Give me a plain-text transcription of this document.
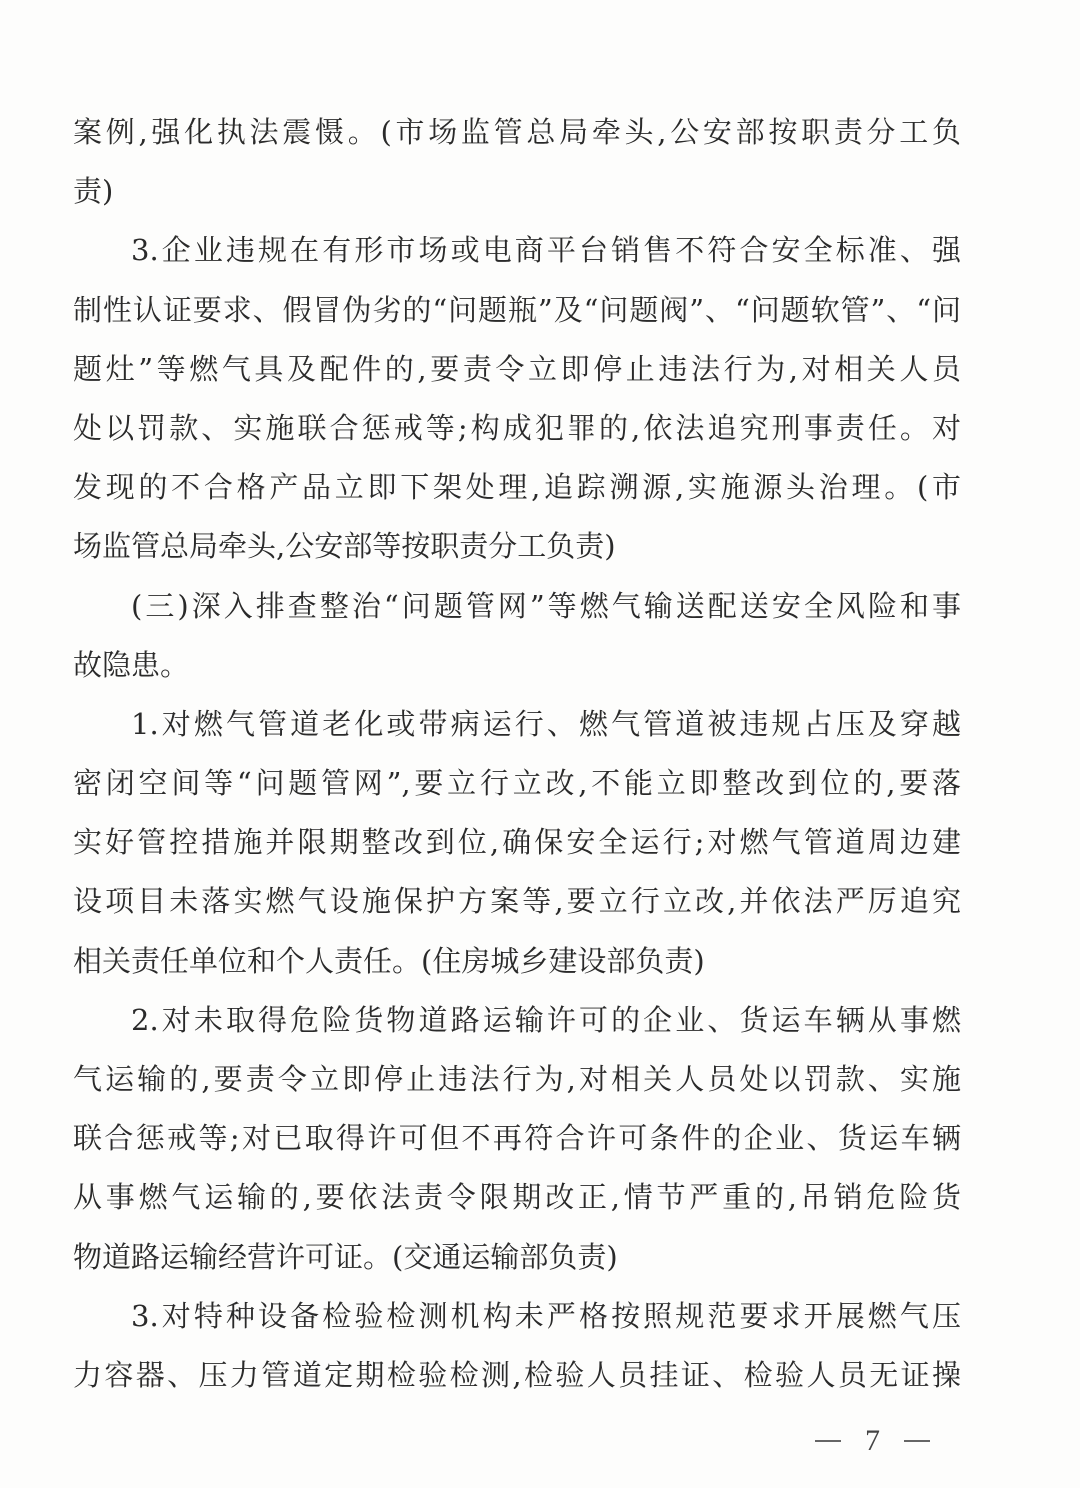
案例,强化执法震慑。(市场监管总局牵头,公安部按职责分工负
责)
3.企业违规在有形市场或电商平台销售不符合安全标准、强
制性认证要求、假冒伪劣的“问题瓶”及“问题阀”、“问题软管”、“问
题灶”等燃气具及配件的,要责令立即停止违法行为,对相关人员
处以罚款、实施联合惩戒等;构成犯罪的,依法追究刑事责任。对
发现的不合格产品立即下架处理,追踪溯源,实施源头治理。(市
场监管总局牵头,公安部等按职责分工负责)
(三)深入排查整治“问题管网”等燃气输送配送安全风险和事
故隐患。
1.对燃气管道老化或带病运行、燃气管道被违规占压及穿越
密闭空间等“问题管网”,要立行立改,不能立即整改到位的,要落
实好管控措施并限期整改到位,确保安全运行;对燃气管道周边建
设项目未落实燃气设施保护方案等,要立行立改,并依法严厉追究
相关责任单位和个人责任。(住房城乡建设部负责)
2.对未取得危险货物道路运输许可的企业、货运车辆从事燃
气运输的,要责令立即停止违法行为,对相关人员处以罚款、实施
联合惩戒等;对已取得许可但不再符合许可条件的企业、货运车辆
从事燃气运输的,要依法责令限期改正,情节严重的,吊销危险货
物道路运输经营许可证。(交通运输部负责)
3.对特种设备检验检测机构未严格按照规范要求开展燃气压
力容器、压力管道定期检验检测,检验人员挂证、检验人员无证操
7
